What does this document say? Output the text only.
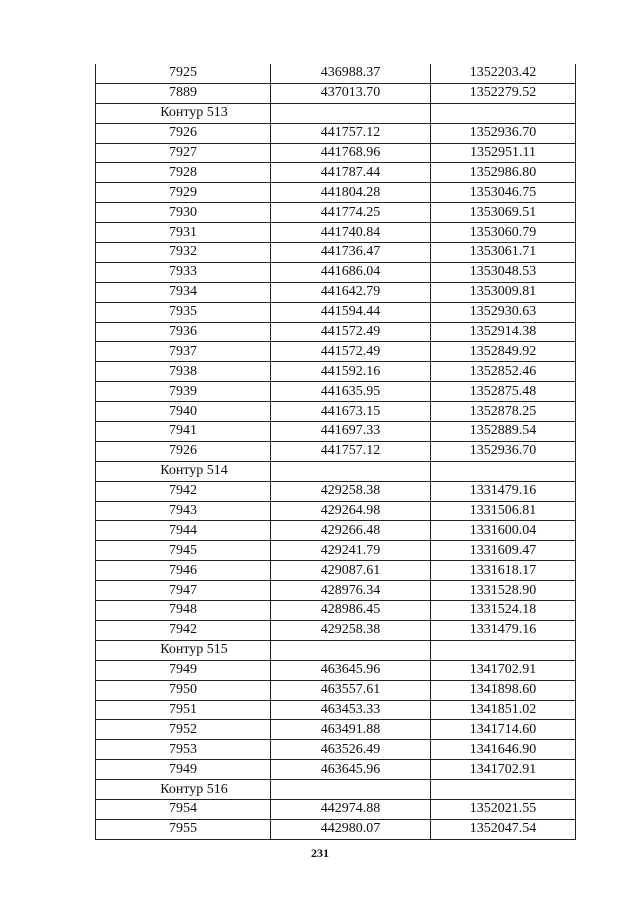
7925	436988.37	1352203.42
7889	437013.70	1352279.52
Контур 513		
7926	441757.12	1352936.70
7927	441768.96	1352951.11
7928	441787.44	1352986.80
7929	441804.28	1353046.75
7930	441774.25	1353069.51
7931	441740.84	1353060.79
7932	441736.47	1353061.71
7933	441686.04	1353048.53
7934	441642.79	1353009.81
7935	441594.44	1352930.63
7936	441572.49	1352914.38
7937	441572.49	1352849.92
7938	441592.16	1352852.46
7939	441635.95	1352875.48
7940	441673.15	1352878.25
7941	441697.33	1352889.54
7926	441757.12	1352936.70
Контур 514		
7942	429258.38	1331479.16
7943	429264.98	1331506.81
7944	429266.48	1331600.04
7945	429241.79	1331609.47
7946	429087.61	1331618.17
7947	428976.34	1331528.90
7948	428986.45	1331524.18
7942	429258.38	1331479.16
Контур 515		
7949	463645.96	1341702.91
7950	463557.61	1341898.60
7951	463453.33	1341851.02
7952	463491.88	1341714.60
7953	463526.49	1341646.90
7949	463645.96	1341702.91
Контур 516		
7954	442974.88	1352021.55
7955	442980.07	1352047.54
231
